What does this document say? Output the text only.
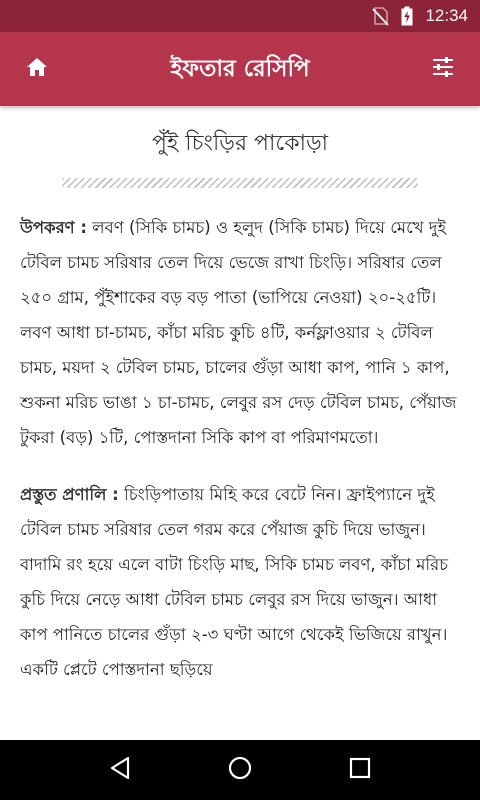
12:34
ইফতার রেসিপি
পুঁই চিংড়ির পাকোড়া

উপকরণ : লবণ (সিকি চামচ) ও হলুদ (সিকি চামচ) দিয়ে মেখে দুই টেবিল চামচ সরিষার তেল দিয়ে ভেজে রাখা চিংড়ি। সরিষার তেল ২৫০ গ্রাম, পুঁইশাকের বড় বড় পাতা (ভাপিয়ে নেওয়া) ২০-২৫টি। লবণ আধা চা-চামচ, কাঁচা মরিচ কুচি ৪টি, কর্নফ্লাওয়ার ২ টেবিল চামচ, ময়দা ২ টেবিল চামচ, চালের গুঁড়া আধা কাপ, পানি ১ কাপ, শুকনা মরিচ ভাঙা ১ চা-চামচ, লেবুর রস দেড় টেবিল চামচ, পেঁয়াজ টুকরা (বড়) ১টি, পোস্তদানা সিকি কাপ বা পরিমাণমতো।

প্রস্তুত প্রণালি : চিংড়িপাতায় মিহি করে বেটে নিন। ফ্রাইপ্যানে দুই টেবিল চামচ সরিষার তেল গরম করে পেঁয়াজ কুচি দিয়ে ভাজুন। বাদামি রং হয়ে এলে বাটা চিংড়ি মাছ, সিকি চামচ লবণ, কাঁচা মরিচ কুচি দিয়ে নেড়ে আধা টেবিল চামচ লেবুর রস দিয়ে ভাজুন। আধা কাপ পানিতে চালের গুঁড়া ২-৩ ঘণ্টা আগে থেকেই ভিজিয়ে রাখুন। একটি প্লেটে পোস্তদানা ছড়িয়ে
